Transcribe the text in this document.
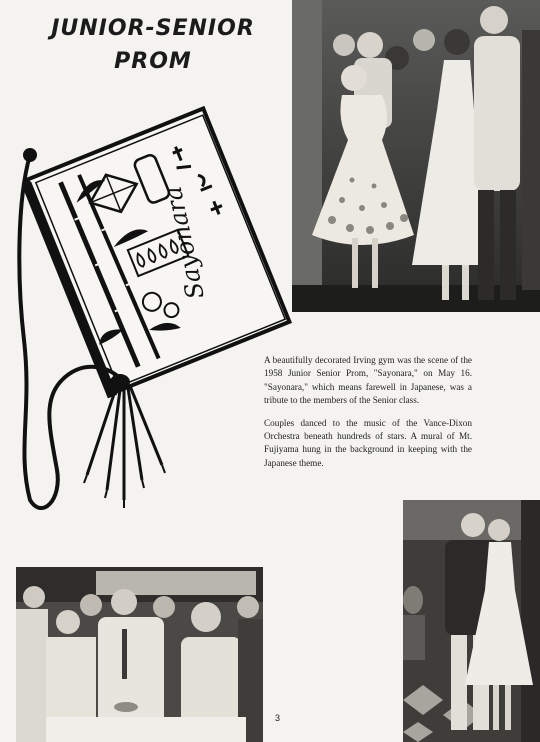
JUNIOR-SENIOR
PROM
Sayonara

A beautifully decorated Irving gym was the scene of the 1958 Junior Senior Prom, "Sayonara," on May 16. "Sayonara," which means farewell in Japanese, was a tribute to the members of the Senior class.

Couples danced to the music of the Vance-Dixon Orchestra beneath hundreds of stars. A mural of Mt. Fujiyama hung in the background in keeping with the Japanese theme.

3
